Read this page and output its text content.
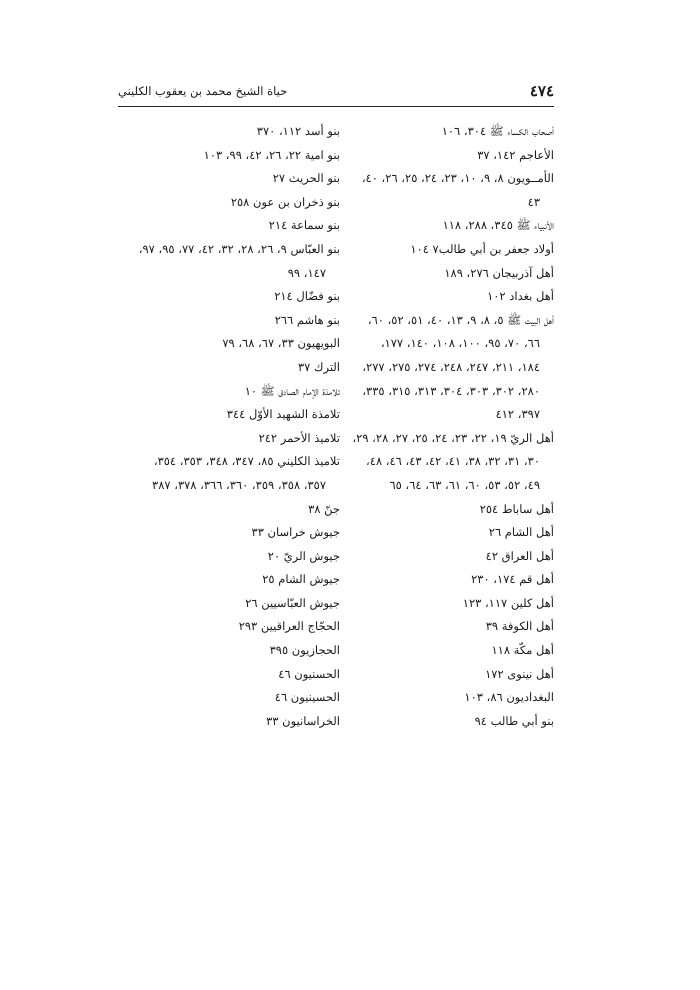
٤٧٤
حياة الشيخ محمد بن يعقوب الكليني
أصحاب الكساء ﷺ ٣٠٤، ١٠٦
الأعاجم ١٤٢، ٣٧
الأمــويون ٨، ٩، ١٠، ٢٣، ٢٤، ٢٥، ٢٦، ٤٠،
٤٣
الأنبياء ﷺ ٣٤٥، ٢٨٨، ١١٨
أولاد جعفر بن أبي طالب٧ ١٠٤
أهل آذربيجان ٢٧٦، ١٨٩
أهل بغداد ١٠٢
أهل البيت ﷺ ٥، ٨، ٩، ١٣، ٤٠، ٥١، ٥٢، ٦٠،
٦٦، ٧٠، ٩٥، ١٠٠، ١٠٨، ١٤٠، ١٧٧،
١٨٤، ٢١١، ٢٤٧، ٢٤٨، ٢٧٤، ٢٧٥، ٢٧٧،
٢٨٠، ٣٠٢، ٣٠٣، ٣٠٤، ٣١٣، ٣١٥، ٣٣٥،
٣٩٧، ٤١٢
أهل الريّ ١٩، ٢٢، ٢٣، ٢٤، ٢٥، ٢٧، ٢٨، ٢٩،
٣٠، ٣١، ٣٢، ٣٨، ٤١، ٤٢، ٤٣، ٤٦، ٤٨،
٤٩، ٥٢، ٥٣، ٦٠، ٦١، ٦٣، ٦٤، ٦٥
أهل ساباط ٢٥٤
أهل الشام ٢٦
أهل العراق ٤٢
أهل قم ١٧٤، ٢٣٠
أهل كلين ١١٧، ١٢٣
أهل الكوفة ٣٩
أهل مكّة ١١٨
أهل نينوى ١٧٢
البغداديون ٨٦، ١٠٣
بنو أبي طالب ٩٤
بنو أسد ١١٢، ٣٧٠
بنو امية ٢٢، ٢٦، ٤٢، ٩٩، ١٠٣
بنو الحريث ٢٧
بنو ذخران بن عون ٢٥٨
بنو سماعة ٢١٤
بنو العبّاس ٩، ٢٦، ٢٨، ٣٢، ٤٢، ٧٧، ٩٥، ٩٧،
١٤٧، ٩٩
بنو فضّال ٢١٤
بنو هاشم ٢٦٦
البويهيون ٣٣، ٦٧، ٦٨، ٧٩
الترك ٣٧
تلامذة الإمام الصادق ﷺ ١٠
تلامذة الشهيد الأوّل ٣٤٤
تلاميذ الأحمر ٢٤٢
تلاميذ الكليني ٨٥، ٣٤٧، ٣٤٨، ٣٥٣، ٣٥٤،
٣٥٧، ٣٥٨، ٣٥٩، ٣٦٠، ٣٦٦، ٣٧٨، ٣٨٧
جنّ ٣٨
جيوش خراسان ٣٣
جيوش الريّ ٢٠
جيوش الشام ٢٥
جيوش العبّاسيين ٢٦
الحجّاج العراقيين ٢٩٣
الحجازيون ٣٩٥
الحسنيون ٤٦
الحسينيون ٤٦
الخراسانيون ٣٣
